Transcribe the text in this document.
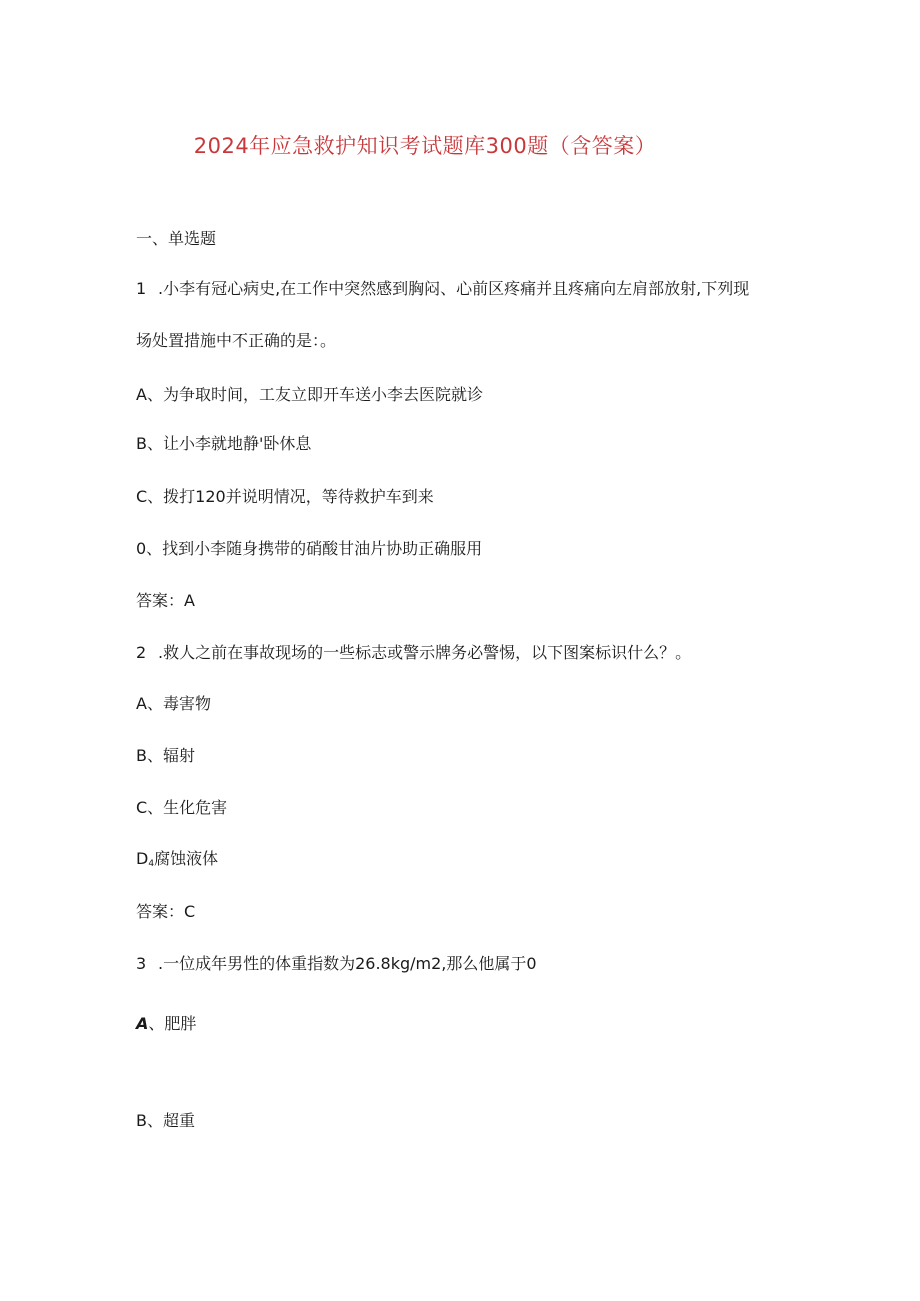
2024年应急救护知识考试题库300题（含答案）
一、单选题
1 .小李有冠心病史,在工作中突然感到胸闷、心前区疼痛并且疼痛向左肩部放射,下列现
场处置措施中不正确的是：。
A、为争取时间，工友立即开车送小李去医院就诊
B、让小李就地静'卧休息
C、拨打120并说明情况，等待救护车到来
0、找到小李随身携带的硝酸甘油片协助正确服用
答案：A
2 .救人之前在事故现场的一些标志或警示牌务必警惕，以下图案标识什么？。
A、毒害物
B、辐射
C、生化危害
$D_4$腐蚀液体
答案：C
3 .一位成年男性的体重指数为26.8kg∕m2,那么他属于0
A、肥胖
B、超重
